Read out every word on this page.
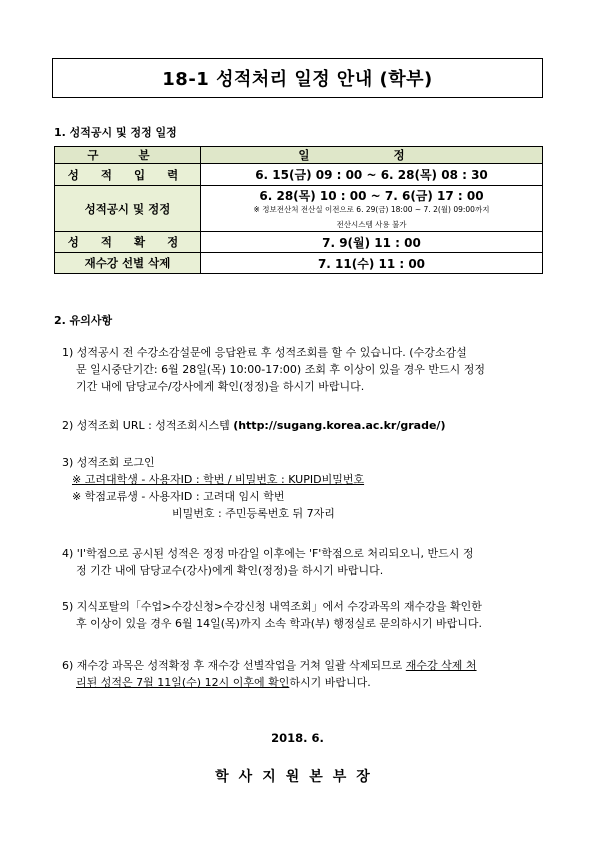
18-1 성적처리 일정 안내 (학부)
1. 성적공시 및 정정 일정
구 분	일 정
성 적 입 력	6. 15(금) 09 : 00 ~ 6. 28(목) 08 : 30
성적공시 및 정정	6. 28(목) 10 : 00 ~ 7. 6(금) 17 : 00
※ 정보전산처 전산실 이전으로 6. 29(금) 18:00 ~ 7. 2(월) 09:00까지
전산시스템 사용 불가

성 적 확 정	7. 9(월) 11 : 00
재수강 선별 삭제	7. 11(수) 11 : 00
2. 유의사항
1) 성적공시 전 수강소감설문에 응답완료 후 성적조회를 할 수 있습니다. (수강소감설
문 일시중단기간: 6월 28일(목) 10:00-17:00) 조회 후 이상이 있을 경우 반드시 정정
기간 내에 담당교수/강사에게 확인(정정)을 하시기 바랍니다.
2) 성적조회 URL : 성적조회시스템 (http://sugang.korea.ac.kr/grade/)
3) 성적조회 로그인
※ 고려대학생 - 사용자ID : 학번 / 비밀번호 : KUPID비밀번호
※ 학점교류생 - 사용자ID : 고려대 임시 학번
비밀번호 : 주민등록번호 뒤 7자리
4) 'I'학점으로 공시된 성적은 정정 마감일 이후에는 'F'학점으로 처리되오니, 반드시 정
정 기간 내에 담당교수(강사)에게 확인(정정)을 하시기 바랍니다.
5) 지식포탈의「수업>수강신청>수강신청 내역조회」에서 수강과목의 재수강을 확인한
후 이상이 있을 경우 6월 14일(목)까지 소속 학과(부) 행정실로 문의하시기 바랍니다.
6) 재수강 과목은 성적확정 후 재수강 선별작업을 거쳐 일괄 삭제되므로 재수강 삭제 처
리된 성적은 7월 11일(수) 12시 이후에 확인하시기 바랍니다.
2018. 6.
학사지원본부장
